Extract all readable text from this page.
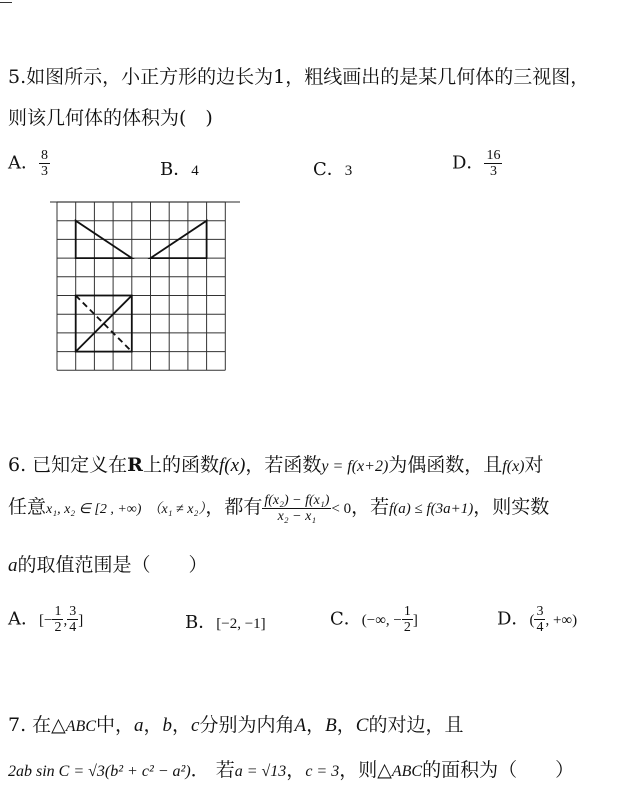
5.如图所示，小正方形的边长为1，粗线画出的是某几何体的三视图，
则该几何体的体积为(　)
A． $\frac{8}{3}$	B．4	C．3	D． $\frac{16}{3}$
6. 已知定义在R上的函数f(x)，若函数y = f(x+2)为偶函数，且f(x)对
任意x₁, x₂ ∈ [2 , +∞) （x₁ ≠ x₂），都有 $\frac{\text{f(x₂) − f(x₁)}}{\text{x₂ − x₁}} < 0$，若f(a) ≤ f(3a+1)，则实数
a的取值范围是（　　）
A．[− $\frac{1}{2}$ , $\frac{3}{4}$ ]	B．[−2, −1]	C．(−∞, − $\frac{1}{2}$ ]	D．( $\frac{3}{4}$ , +∞)
7. 在△ABC中，a，b，c分别为内角A，B，C的对边，且
2ab sin C = √3(b² + c² − a²)． 若a = √13，c = 3，则△ABC的面积为（　　）
